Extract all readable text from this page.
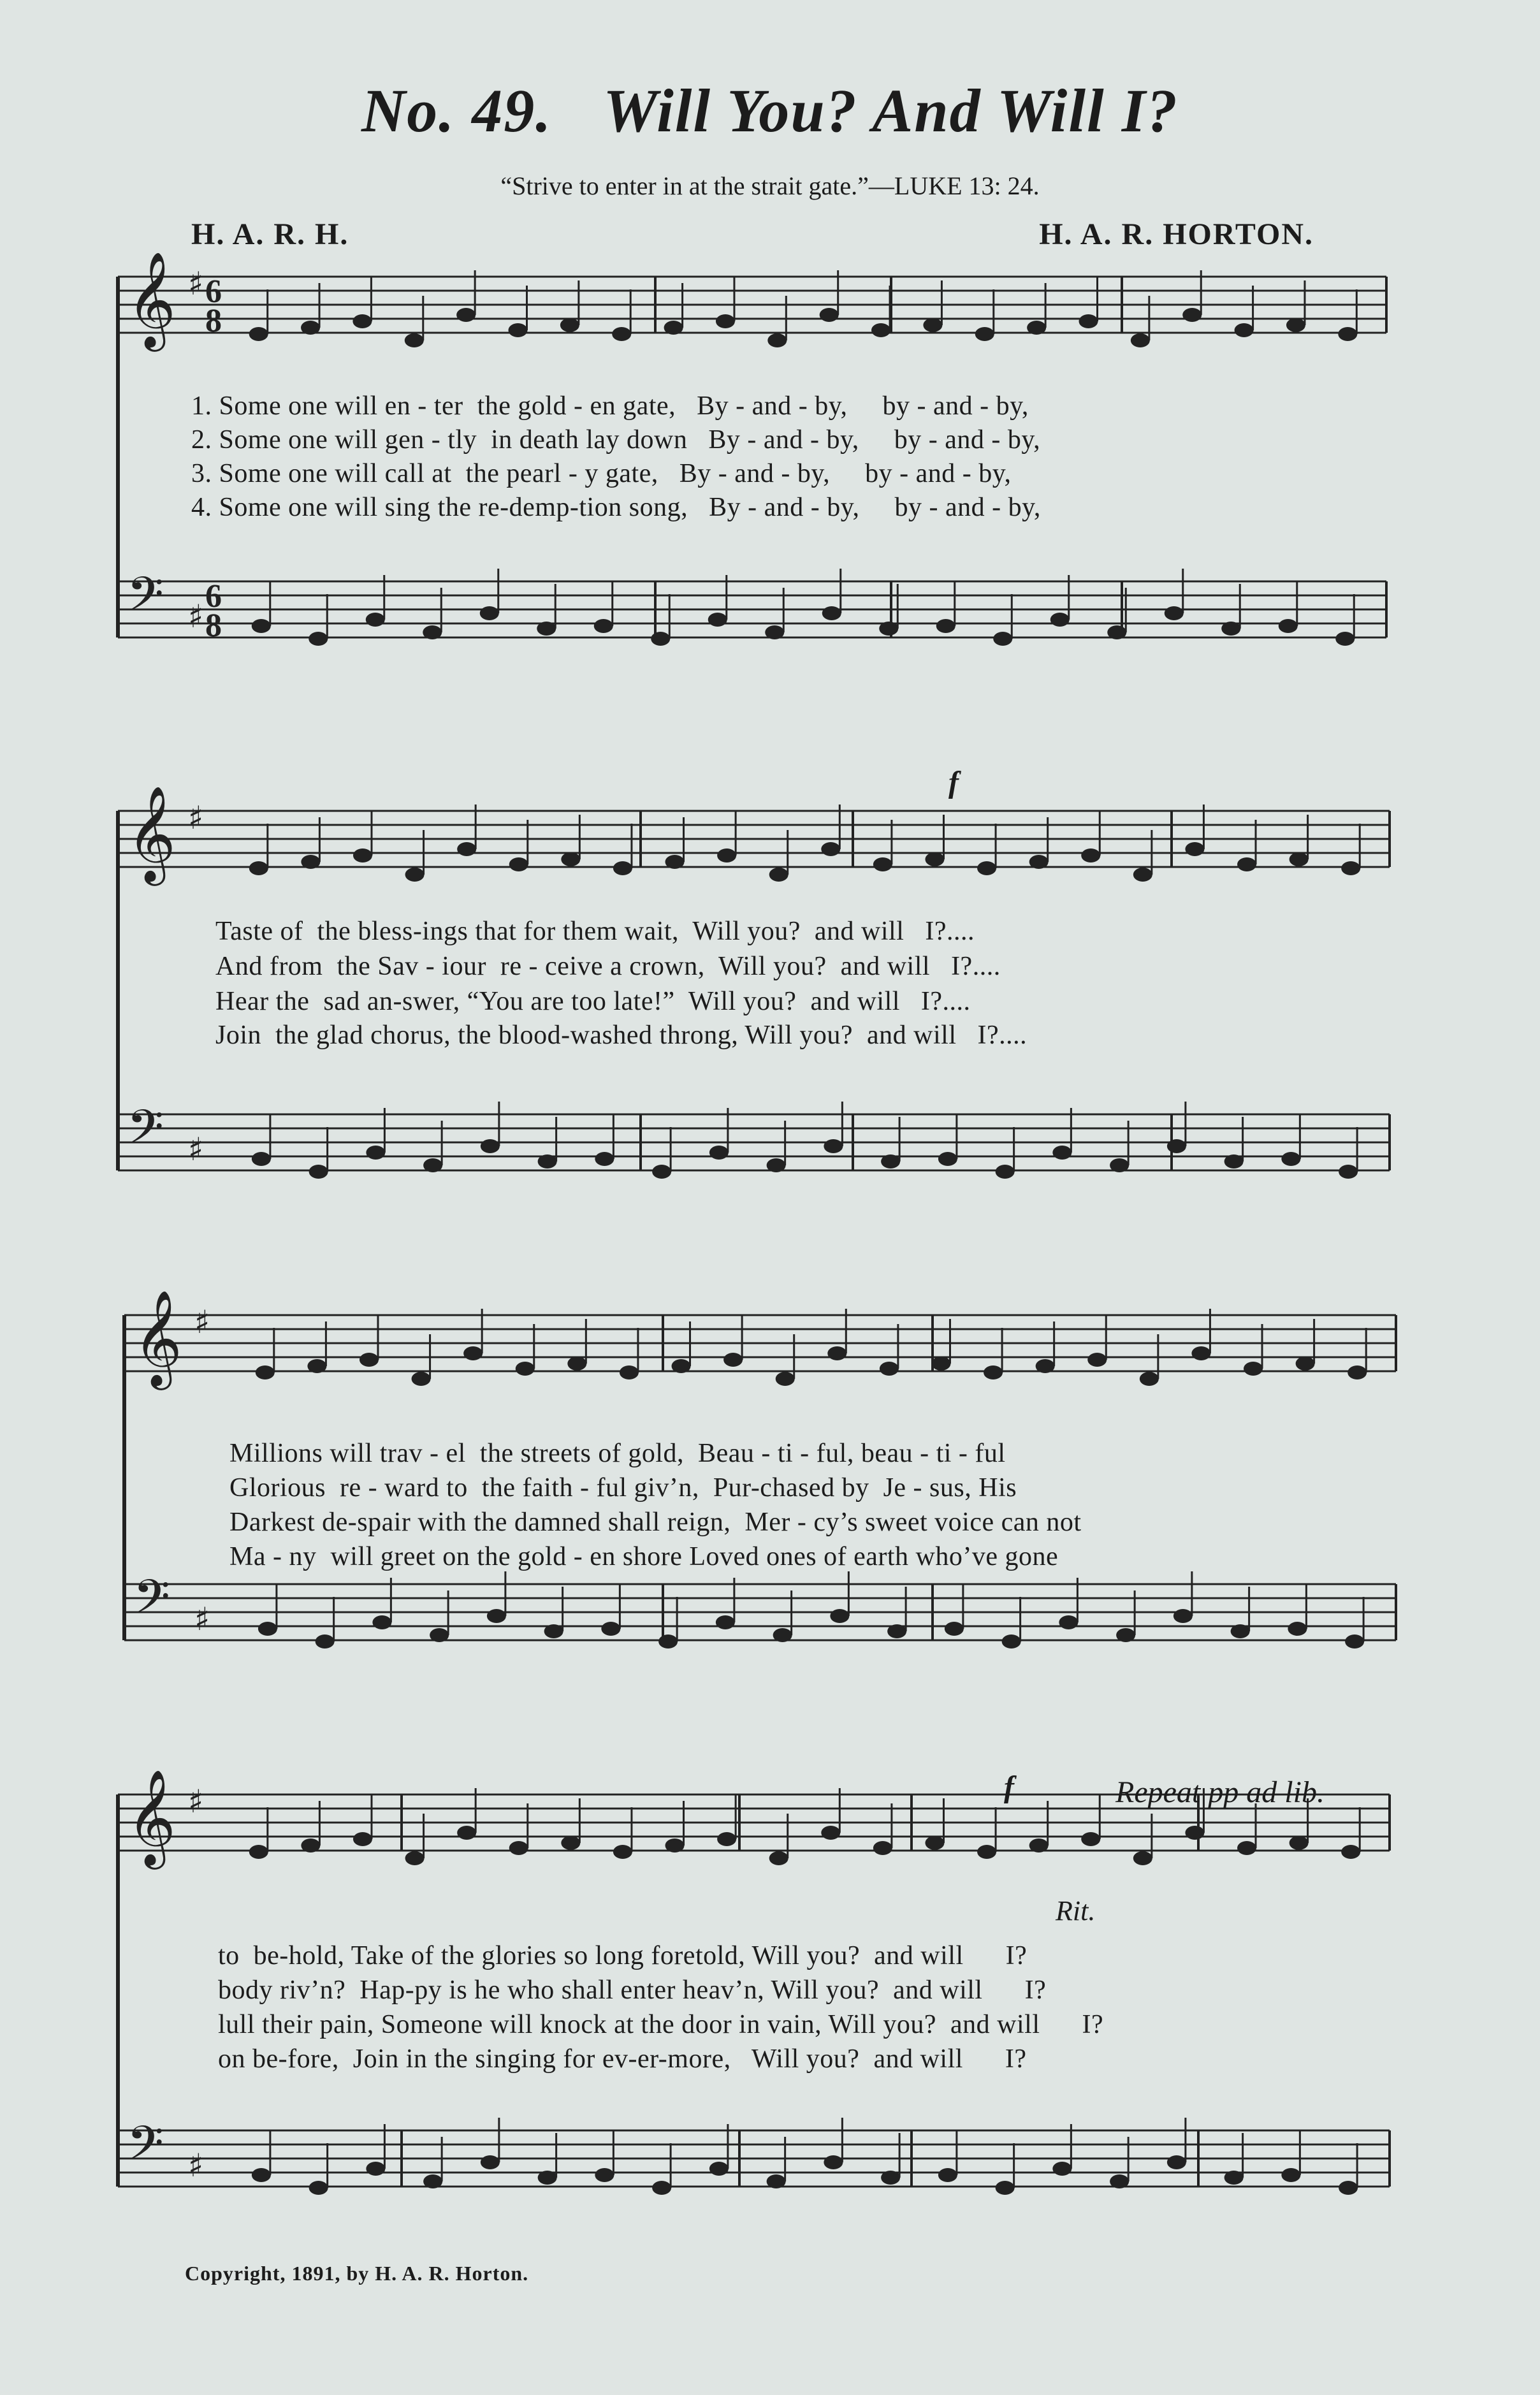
No. 49. Will You? And Will I?
“Strive to enter in at the strait gate.”—LUKE 13: 24.
H. A. R. H.	H. A. R. HORTON.
𝄞 ♯
𝄢 ♯
𝄞 ♯
𝄢 ♯
𝄞 ♯
𝄢 ♯
𝄞 ♯
𝄢 ♯
6
8
6
8
1. Some one will en - ter  the gold - en gate,   By - and - by,     by - and - by,
2. Some one will gen - tly  in death lay down   By - and - by,     by - and - by,
3. Some one will call at  the pearl - y gate,   By - and - by,     by - and - by,
4. Some one will sing the re-demp-tion song,   By - and - by,     by - and - by,
Taste of  the bless-ings that for them wait,  Will you?  and will   I?....
And from  the Sav - iour  re - ceive a crown,  Will you?  and will   I?....
Hear the  sad an-swer, “You are too late!”  Will you?  and will   I?....
Join  the glad chorus, the blood-washed throng, Will you?  and will   I?....
Millions will trav - el  the streets of gold,  Beau - ti - ful, beau - ti - ful
Glorious  re - ward to  the faith - ful giv’n,  Pur-chased by  Je - sus, His
Darkest de-spair with the damned shall reign,  Mer - cy’s sweet voice can not
Ma - ny  will greet on the gold - en shore Loved ones of earth who’ve gone
to  be-hold, Take of the glories so long foretold, Will you?  and will      I?
body riv’n?  Hap-py is he who shall enter heav’n, Will you?  and will      I?
lull their pain, Someone will knock at the door in vain, Will you?  and will      I?
on be-fore,  Join in the singing for ev-er-more,   Will you?  and will      I?
f
f	Repeat pp ad lib.
Rit.
Copyright, 1891, by H. A. R. Horton.
